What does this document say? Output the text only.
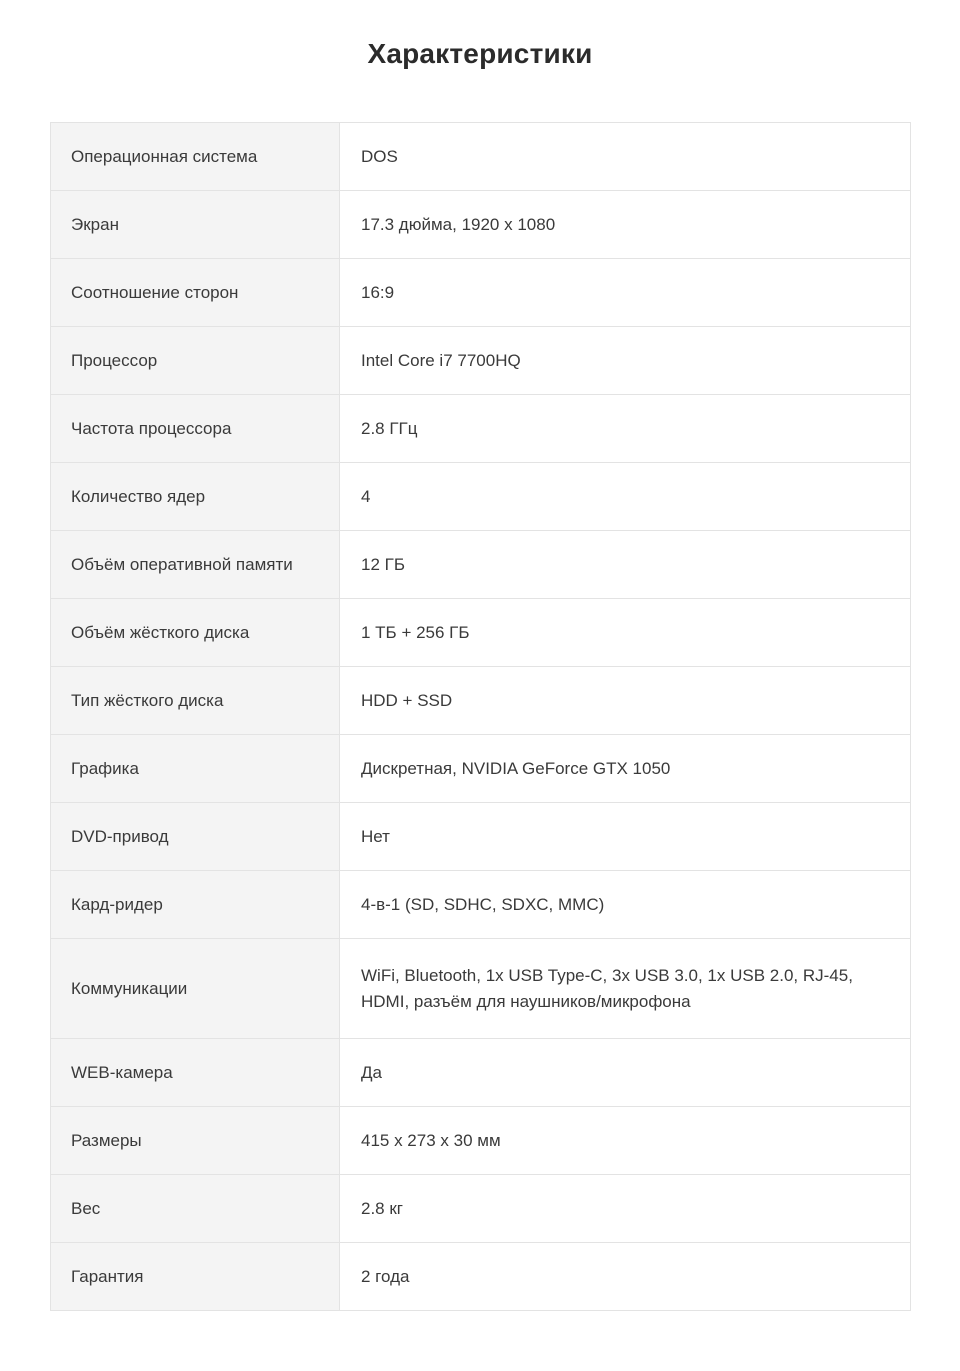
Характеристики
Операционная система	DOS
Экран	17.3 дюйма, 1920 x 1080
Соотношение сторон	16:9
Процессор	Intel Core i7 7700HQ
Частота процессора	2.8 ГГц
Количество ядер	4
Объём оперативной памяти	12 ГБ
Объём жёсткого диска	1 ТБ + 256 ГБ
Тип жёсткого диска	HDD + SSD
Графика	Дискретная, NVIDIA GeForce GTX 1050
DVD-привод	Нет
Кард-ридер	4-в-1 (SD, SDHC, SDXC, MMC)
Коммуникации	WiFi, Bluetooth, 1x USB Type-C, 3x USB 3.0, 1x USB 2.0, RJ-45, HDMI, разъём для наушников/микрофона
WEB-камера	Да
Размеры	415 x 273 x 30 мм
Вес	2.8 кг
Гарантия	2 года
